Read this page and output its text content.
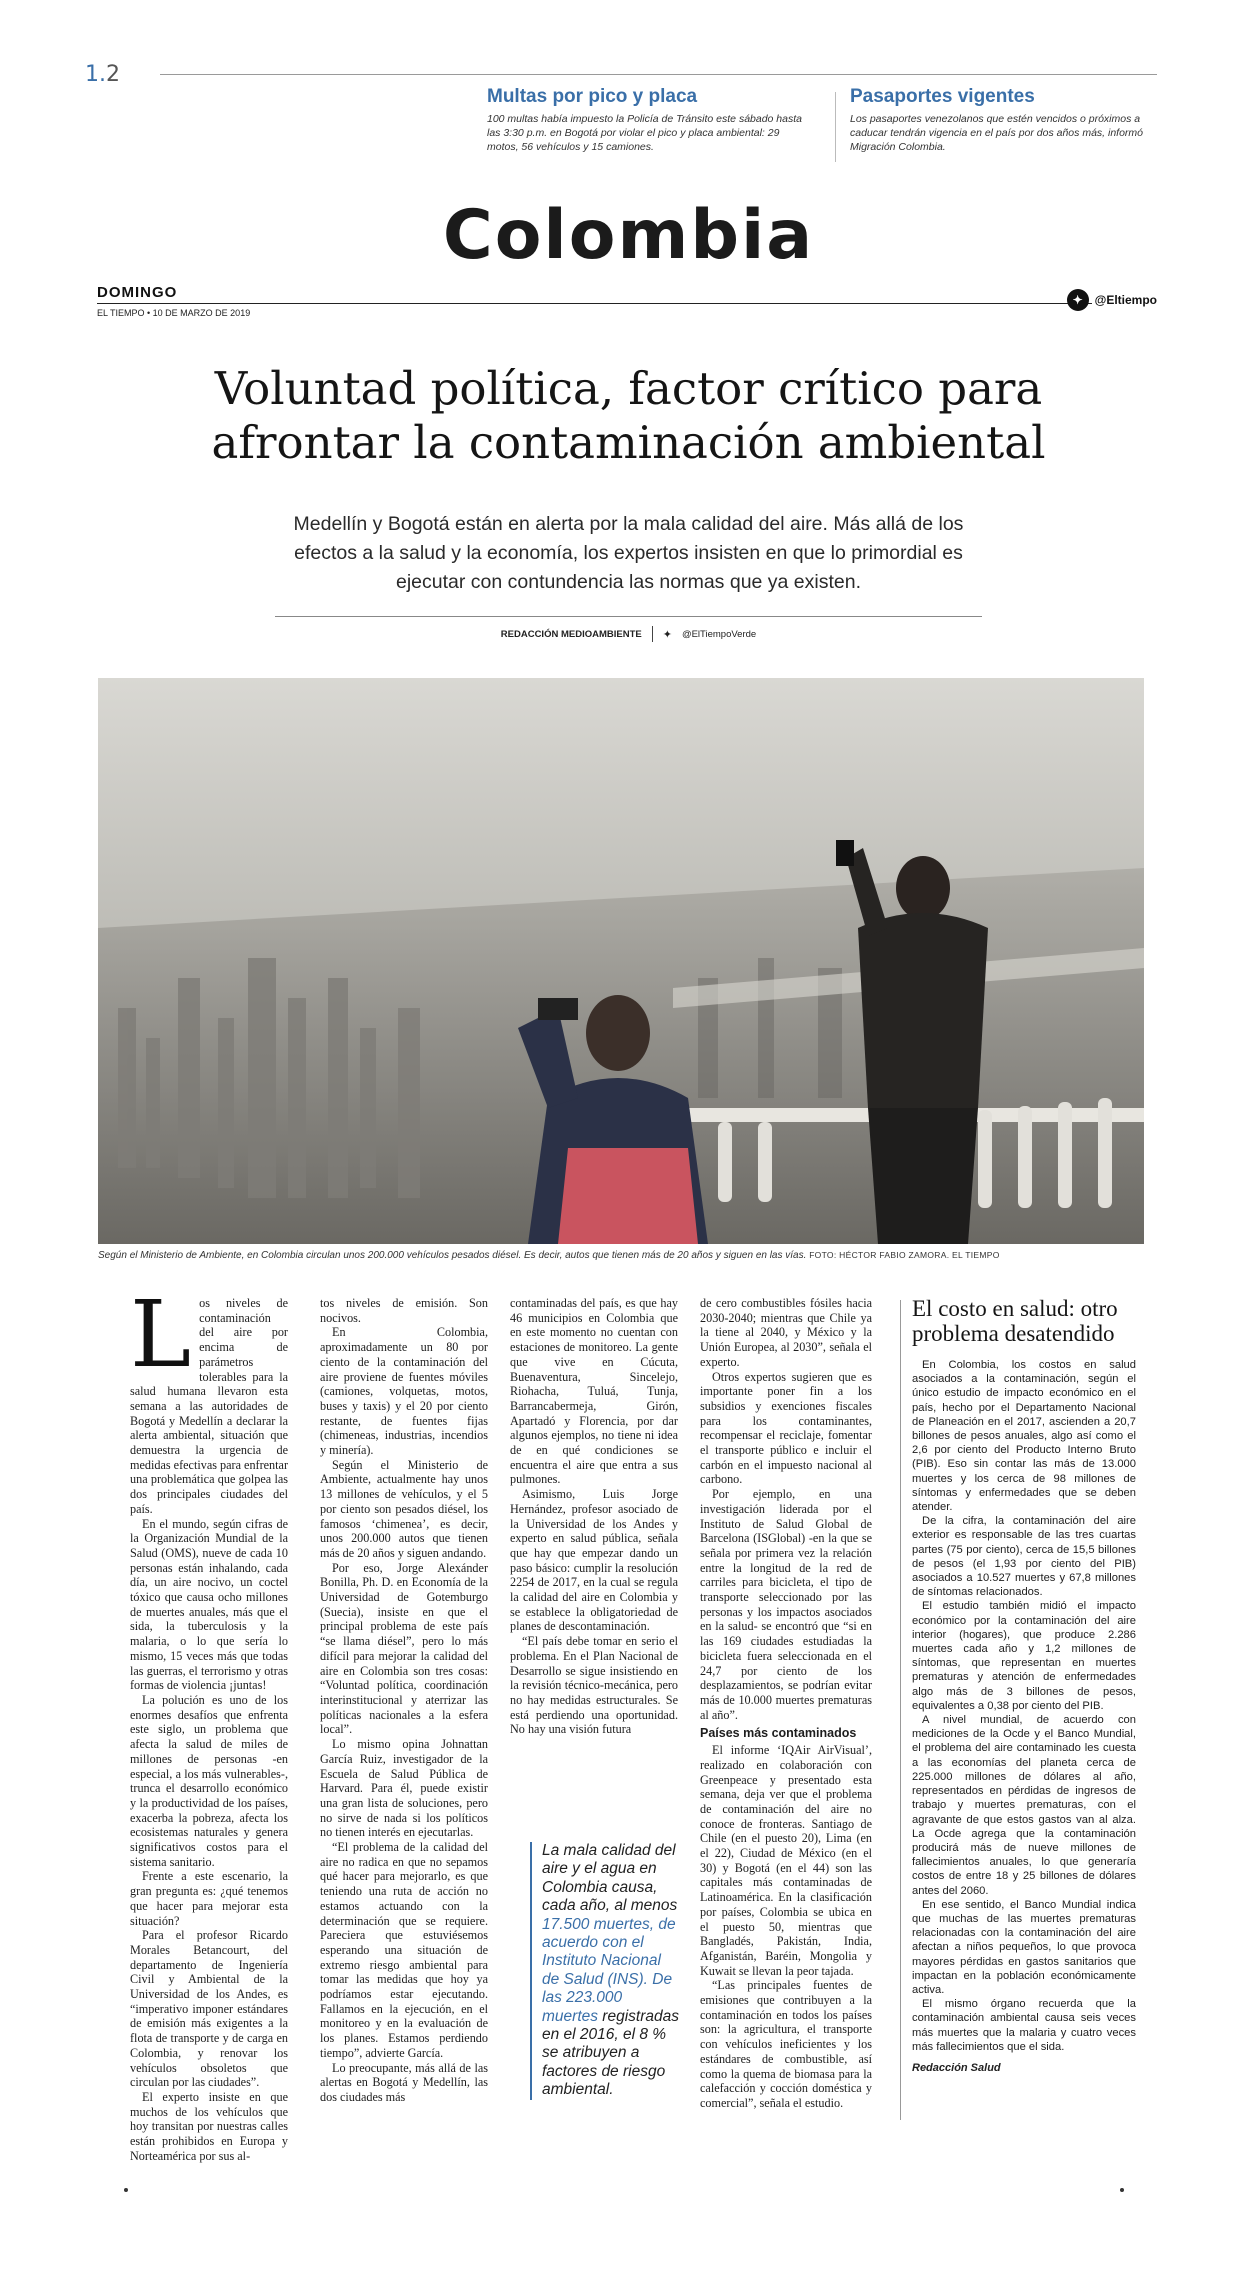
1.2
Multas por pico y placa

100 multas había impuesto la Policía de Tránsito este sábado hasta las 3:30 p.m. en Bogotá por violar el pico y placa ambiental: 29 motos, 56 vehículos y 15 camiones.

Pasaportes vigentes

Los pasaportes venezolanos que estén vencidos o próximos a caducar tendrán vigencia en el país por dos años más, informó Migración Colombia.

Colombia
DOMINGO
EL TIEMPO • 10 DE MARZO DE 2019
✦ @Eltiempo
Voluntad política, factor crítico para afrontar la contaminación ambiental

Medellín y Bogotá están en alerta por la mala calidad del aire. Más allá de los efectos a la salud y la economía, los expertos insisten en que lo primordial es ejecutar con contundencia las normas que ya existen.

REDACCIÓN MEDIOAMBIENTE ✦ @ElTiempoVerde
Según el Ministerio de Ambiente, en Colombia circulan unos 200.000 vehículos pesados diésel. Es decir, autos que tienen más de 20 años y siguen en las vías. FOTO: HÉCTOR FABIO ZAMORA. EL TIEMPO
L os niveles de contaminación del aire por encima de parámetros tolerables para la salud humana llevaron esta semana a las autoridades de Bogotá y Medellín a declarar la alerta ambiental, situación que demuestra la urgencia de medidas efectivas para enfrentar una problemática que golpea las dos principales ciudades del país.

En el mundo, según cifras de la Organización Mundial de la Salud (OMS), nueve de cada 10 personas están inhalando, cada día, un aire nocivo, un coctel tóxico que causa ocho millones de muertes anuales, más que el sida, la tuberculosis y la malaria, o lo que sería lo mismo, 15 veces más que todas las guerras, el terrorismo y otras formas de violencia ¡juntas!

La polución es uno de los enormes desafíos que enfrenta este siglo, un problema que afecta la salud de miles de millones de personas -en especial, a los más vulnerables-, trunca el desarrollo económico y la productividad de los países, exacerba la pobreza, afecta los ecosistemas naturales y genera significativos costos para el sistema sanitario.

Frente a este escenario, la gran pregunta es: ¿qué tenemos que hacer para mejorar esta situación?

Para el profesor Ricardo Morales Betancourt, del departamento de Ingeniería Civil y Ambiental de la Universidad de los Andes, es “imperativo imponer estándares de emisión más exigentes a la flota de transporte y de carga en Colombia, y renovar los vehículos obsoletos que circulan por las ciudades”.

El experto insiste en que muchos de los vehículos que hoy transitan por nuestras calles están prohibidos en Europa y Norteamérica por sus al-

tos niveles de emisión. Son nocivos.

En Colombia, aproximadamente un 80 por ciento de la contaminación del aire proviene de fuentes móviles (camiones, volquetas, motos, buses y taxis) y el 20 por ciento restante, de fuentes fijas (chimeneas, industrias, incendios y minería).

Según el Ministerio de Ambiente, actualmente hay unos 13 millones de vehículos, y el 5 por ciento son pesados diésel, los famosos ‘chimenea’, es decir, unos 200.000 autos que tienen más de 20 años y siguen andando.

Por eso, Jorge Alexánder Bonilla, Ph. D. en Economía de la Universidad de Gotemburgo (Suecia), insiste en que el principal problema de este país “se llama diésel”, pero lo más difícil para mejorar la calidad del aire en Colombia son tres cosas: “Voluntad política, coordinación interinstitucional y aterrizar las políticas nacionales a la esfera local”.

Lo mismo opina Johnattan García Ruiz, investigador de la Escuela de Salud Pública de Harvard. Para él, puede existir una gran lista de soluciones, pero no sirve de nada si los políticos no tienen interés en ejecutarlas.

“El problema de la calidad del aire no radica en que no sepamos qué hacer para mejorarlo, es que teniendo una ruta de acción no estamos actuando con la determinación que se requiere. Pareciera que estuviésemos esperando una situación de extremo riesgo ambiental para tomar las medidas que hoy ya podríamos estar ejecutando. Fallamos en la ejecución, en el monitoreo y en la evaluación de los planes. Estamos perdiendo tiempo”, advierte García.

Lo preocupante, más allá de las alertas en Bogotá y Medellín, las dos ciudades más

contaminadas del país, es que hay 46 municipios en Colombia que en este momento no cuentan con estaciones de monitoreo. La gente que vive en Cúcuta, Buenaventura, Sincelejo, Riohacha, Tuluá, Tunja, Barrancabermeja, Girón, Apartadó y Florencia, por dar algunos ejemplos, no tiene ni idea de en qué condiciones se encuentra el aire que entra a sus pulmones.

Asimismo, Luis Jorge Hernández, profesor asociado de la Universidad de los Andes y experto en salud pública, señala que hay que empezar dando un paso básico: cumplir la resolución 2254 de 2017, en la cual se regula la calidad del aire en Colombia y se establece la obligatoriedad de planes de descontaminación.

“El país debe tomar en serio el problema. En el Plan Nacional de Desarrollo se sigue insistiendo en la revisión técnico-mecánica, pero no hay medidas estructurales. Se está perdiendo una oportunidad. No hay una visión futura

La mala calidad del aire y el agua en Colombia causa, cada año, al menos 17.500 muertes, de acuerdo con el Instituto Nacional de Salud (INS). De las 223.000 muertes registradas en el 2016, el 8 % se atribuyen a factores de riesgo ambiental.

de cero combustibles fósiles hacia 2030-2040; mientras que Chile ya la tiene al 2040, y México y la Unión Europea, al 2030”, señala el experto.

Otros expertos sugieren que es importante poner fin a los subsidios y exenciones fiscales para los contaminantes, recompensar el reciclaje, fomentar el transporte público e incluir el carbón en el impuesto nacional al carbono.

Por ejemplo, en una investigación liderada por el Instituto de Salud Global de Barcelona (ISGlobal) -en la que se señala por primera vez la relación entre la longitud de la red de carriles para bicicleta, el tipo de transporte seleccionado por las personas y los impactos asociados en la salud- se encontró que “si en las 169 ciudades estudiadas la bicicleta fuera seleccionada en el 24,7 por ciento de los desplazamientos, se podrían evitar más de 10.000 muertes prematuras al año”.

Países más contaminados

El informe ‘IQAir AirVisual’, realizado en colaboración con Greenpeace y presentado esta semana, deja ver que el problema de contaminación del aire no conoce de fronteras. Santiago de Chile (en el puesto 20), Lima (en el 22), Ciudad de México (en el 30) y Bogotá (en el 44) son las capitales más contaminadas de Latinoamérica. En la clasificación por países, Colombia se ubica en el puesto 50, mientras que Bangladés, Pakistán, India, Afganistán, Baréin, Mongolia y Kuwait se llevan la peor tajada.

“Las principales fuentes de emisiones que contribuyen a la contaminación en todos los países son: la agricultura, el transporte con vehículos ineficientes y los estándares de combustible, así como la quema de biomasa para la calefacción y cocción doméstica y comercial”, señala el estudio.

El costo en salud: otro problema desatendido

En Colombia, los costos en salud asociados a la contaminación, según el único estudio de impacto económico en el país, hecho por el Departamento Nacional de Planeación en el 2017, ascienden a 20,7 billones de pesos anuales, algo así como el 2,6 por ciento del Producto Interno Bruto (PIB). Eso sin contar las más de 13.000 muertes y los cerca de 98 millones de síntomas y enfermedades que se deben atender.

De la cifra, la contaminación del aire exterior es responsable de las tres cuartas partes (75 por ciento), cerca de 15,5 billones de pesos (el 1,93 por ciento del PIB) asociados a 10.527 muertes y 67,8 millones de síntomas relacionados.

El estudio también midió el impacto económico por la contaminación del aire interior (hogares), que produce 2.286 muertes cada año y 1,2 millones de síntomas, que representan en muertes prematuras y atención de enfermedades algo más de 3 billones de pesos, equivalentes a 0,38 por ciento del PIB.

A nivel mundial, de acuerdo con mediciones de la Ocde y el Banco Mundial, el problema del aire contaminado les cuesta a las economías del planeta cerca de 225.000 millones de dólares al año, representados en pérdidas de ingresos de trabajo y muertes prematuras, con el agravante de que estos gastos van al alza. La Ocde agrega que la contaminación producirá más de nueve millones de fallecimientos anuales, lo que generaría costos de entre 18 y 25 billones de dólares antes del 2060.

En ese sentido, el Banco Mundial indica que muchas de las muertes prematuras relacionadas con la contaminación del aire afectan a niños pequeños, lo que provoca mayores pérdidas en gastos sanitarios que impactan en la población económicamente activa.

El mismo órgano recuerda que la contaminación ambiental causa seis veces más muertes que la malaria y cuatro veces más fallecimientos que el sida.

Redacción Salud
